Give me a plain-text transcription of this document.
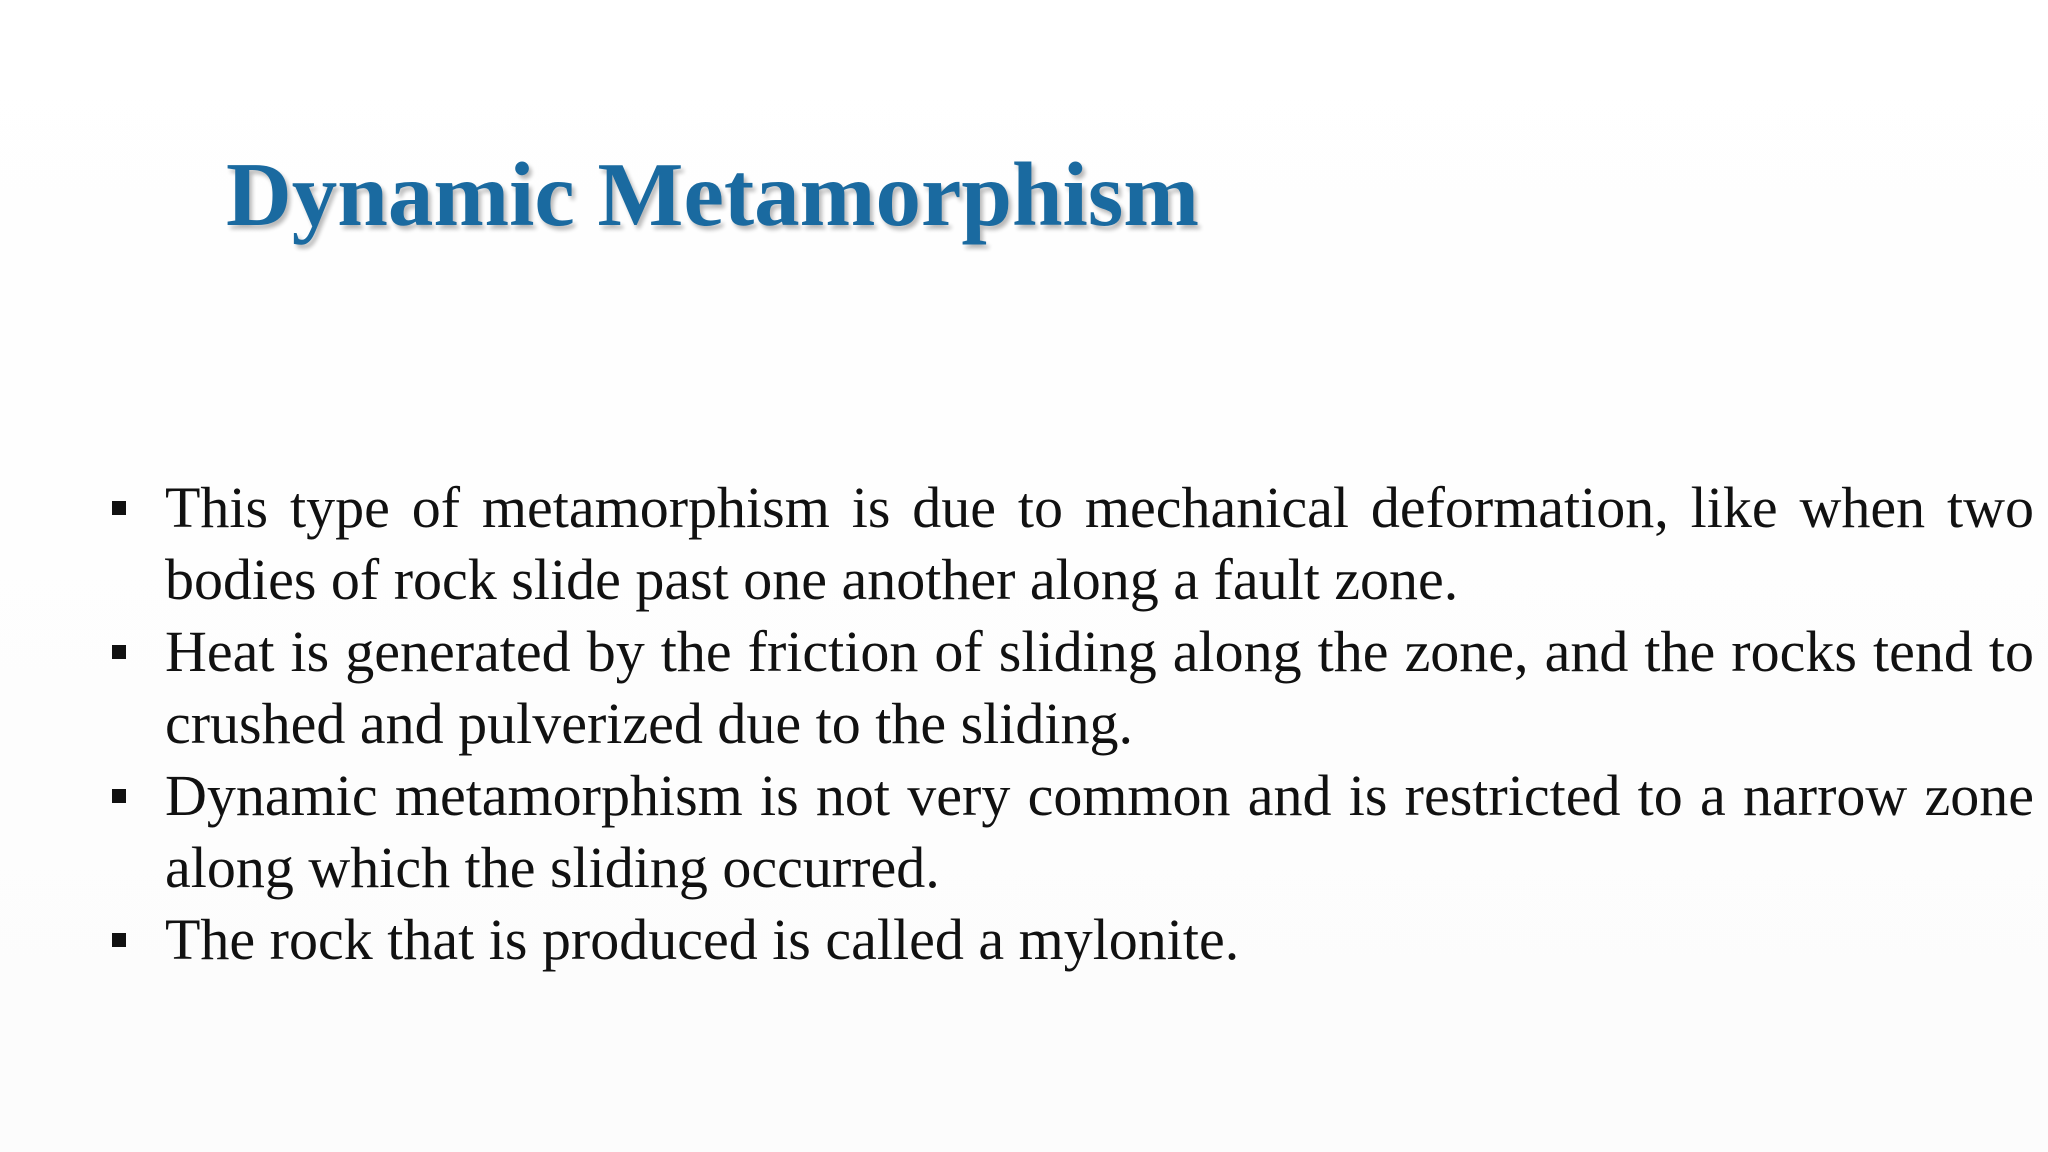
Dynamic Metamorphism
This type of metamorphism is due to mechanical deformation, like when two bodies of rock slide past one another along a fault zone.
Heat is generated by the friction of sliding along the zone, and the rocks tend to crushed and pulverized due to the sliding.
Dynamic metamorphism is not very common and is restricted to a narrow zone along which the sliding occurred.
The rock that is produced is called a mylonite.
